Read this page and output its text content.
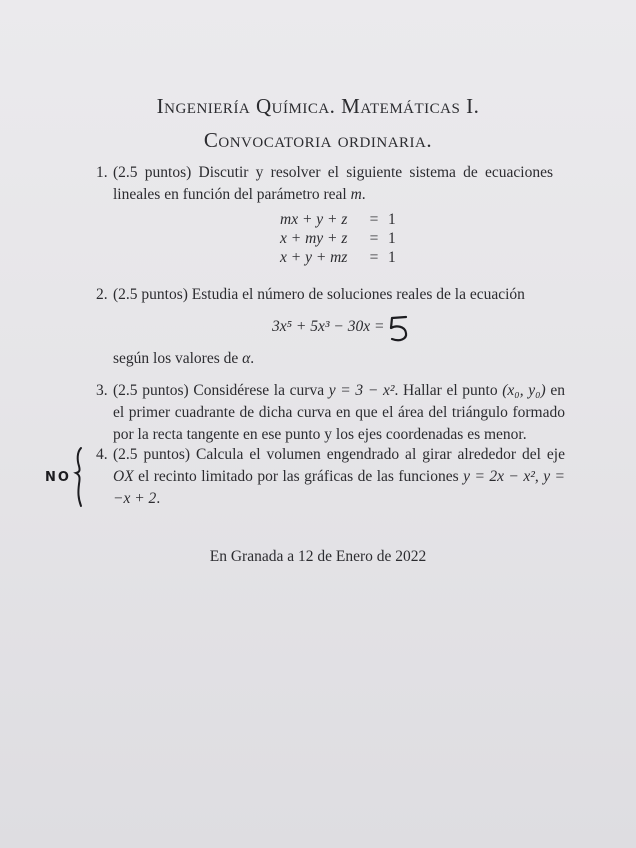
Ingeniería Química. Matemáticas I.
Convocatoria ordinaria.
1. (2.5 puntos) Discutir y resolver el siguiente sistema de ecuaciones lineales en función del parámetro real m.
mx + y + z	= 1
x + my + z	= 1
x + y + mz	= 1
2. (2.5 puntos) Estudia el número de soluciones reales de la ecuación
3x⁵ + 5x³ − 30x =
según los valores de α.
3. (2.5 puntos) Considérese la curva y = 3 − x². Hallar el punto (x₀, y₀) en el primer cuadrante de dicha curva en que el área del triángulo formado por la recta tangente en ese punto y los ejes coordenadas es menor.
4. (2.5 puntos) Calcula el volumen engendrado al girar alrededor del eje OX el recinto limitado por las gráficas de las funciones y = 2x − x², y = −x + 2.
NO
En Granada a 12 de Enero de 2022
